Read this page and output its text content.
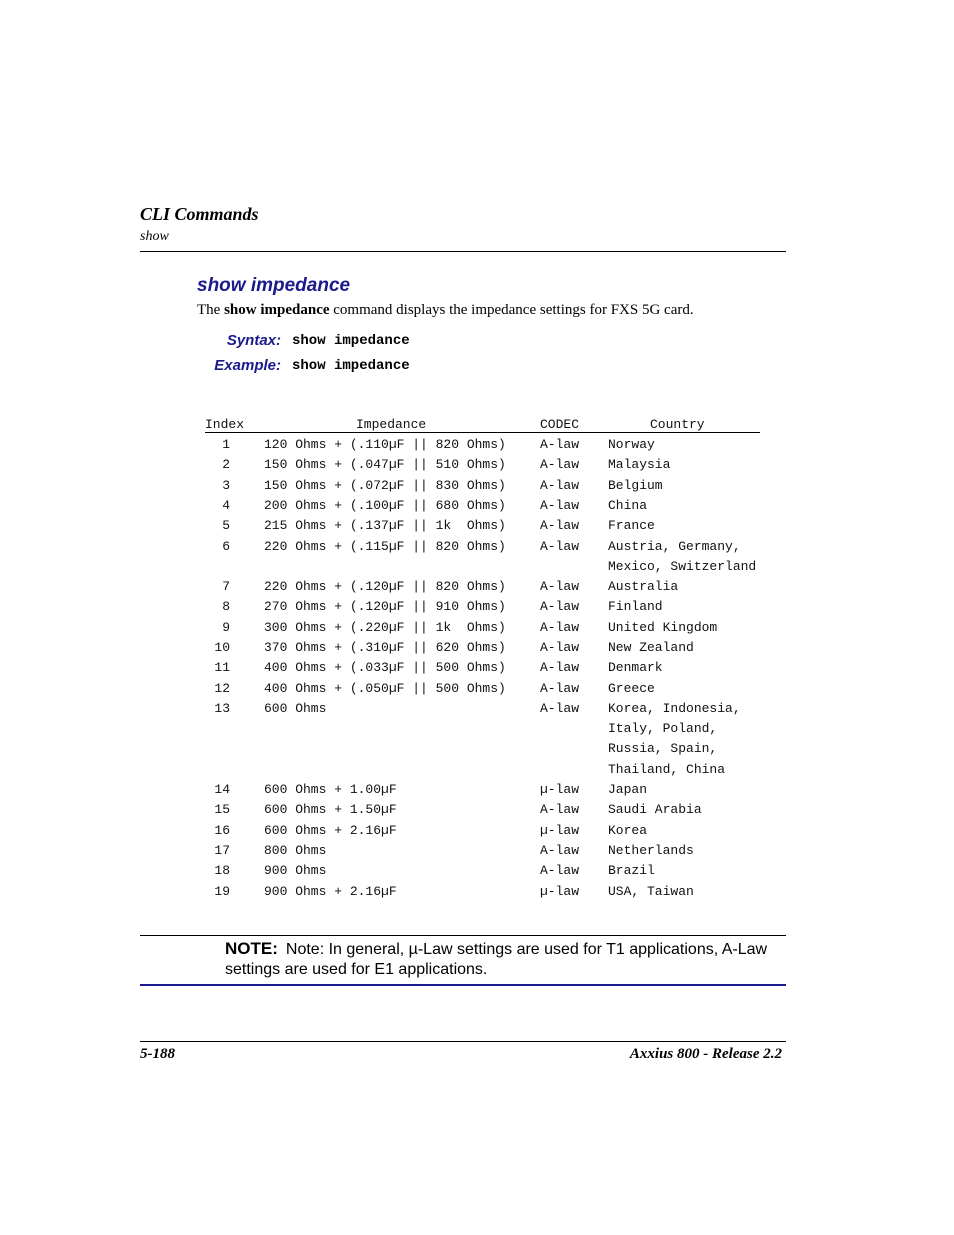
CLI Commands
show
show impedance
The show impedance command displays the impedance settings for FXS 5G card.
Syntax: show impedance
Example: show impedance
Index	Impedance	CODEC	Country
1	120 Ohms + (.110µF || 820 Ohms)	A-law Norway
2	150 Ohms + (.047µF || 510 Ohms)	A-law Malaysia
3	150 Ohms + (.072µF || 830 Ohms)	A-law Belgium
4	200 Ohms + (.100µF || 680 Ohms)	A-law China
5	215 Ohms + (.137µF || 1k  Ohms)	A-law France
6	220 Ohms + (.115µF || 820 Ohms)	A-law Austria, Germany,
Mexico, Switzerland
7	220 Ohms + (.120µF || 820 Ohms)	A-law Australia
8	270 Ohms + (.120µF || 910 Ohms)	A-law Finland
9	300 Ohms + (.220µF || 1k  Ohms)	A-law United Kingdom
10	370 Ohms + (.310µF || 620 Ohms)	A-law New Zealand
11	400 Ohms + (.033µF || 500 Ohms)	A-law Denmark
12	400 Ohms + (.050µF || 500 Ohms)	A-law Greece
13	600 Ohms	A-law Korea, Indonesia,
Italy, Poland,
Russia, Spain,
Thailand, China
14	600 Ohms + 1.00µF	µ-law Japan
15	600 Ohms + 1.50µF	A-law Saudi Arabia
16	600 Ohms + 2.16µF	µ-law Korea
17	800 Ohms	A-law Netherlands
18	900 Ohms	A-law Brazil
19	900 Ohms + 2.16µF	µ-law USA, Taiwan
NOTE: Note: In general, µ-Law settings are used for T1 applications, A-Law settings are used for E1 applications.
5-188	Axxius 800 - Release 2.2
